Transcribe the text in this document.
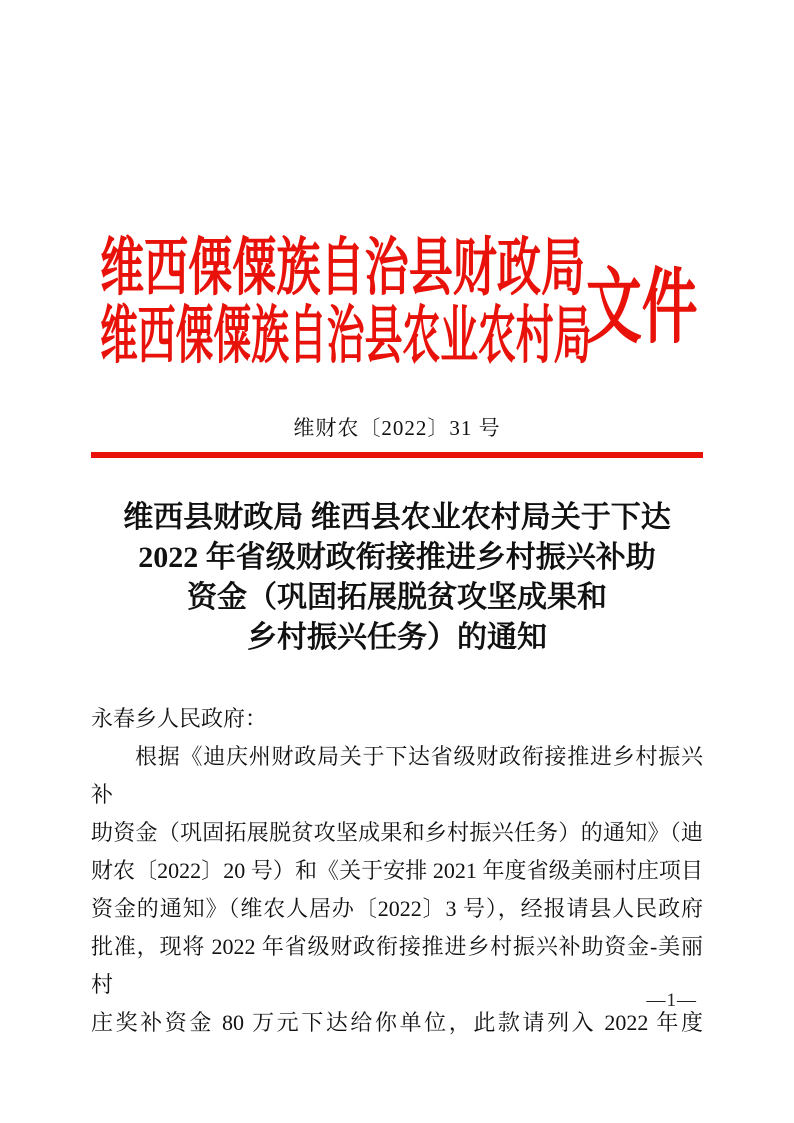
维西傈僳族自治县财政局
维西傈僳族自治县农业农村局
文件
维财农〔2022〕31 号
维西县财政局 维西县农业农村局关于下达
2022 年省级财政衔接推进乡村振兴补助
资金（巩固拓展脱贫攻坚成果和
乡村振兴任务）的通知
永春乡人民政府：
根据《迪庆州财政局关于下达省级财政衔接推进乡村振兴补
助资金（巩固拓展脱贫攻坚成果和乡村振兴任务）的通知》（迪
财农〔2022〕20 号）和《关于安排 2021 年度省级美丽村庄项目
资金的通知》（维农人居办〔2022〕3 号），经报请县人民政府
批准，现将 2022 年省级财政衔接推进乡村振兴补助资金-美丽村
庄奖补资金 80 万元下达给你单位，此款请列入 2022 年度
—1—
